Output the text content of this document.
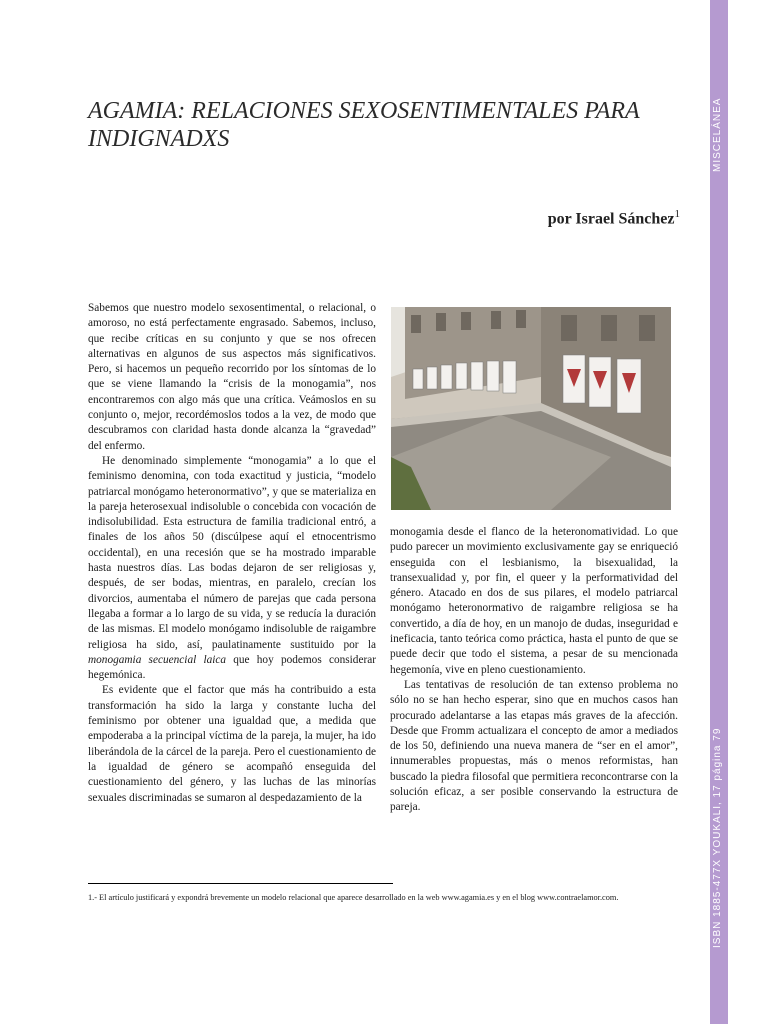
MISCELÁNEA
ISBN 1885-477X YOUKALI, 17 página 79
AGAMIA: RELACIONES SEXOSENTIMENTALES PARA INDIGNADXS
por Israel Sánchez$^1$

Sabemos que nuestro modelo sexosentimental, o relacional, o amoroso, no está perfectamente engrasado. Sabemos, incluso, que recibe críticas en su conjunto y que se nos ofrecen alternativas en algunos de sus aspectos más significativos. Pero, si hacemos un pequeño recorrido por los síntomas de lo que se viene llamando la “crisis de la monogamia”, nos encontraremos con algo más que una crítica. Veámoslos en su conjunto o, mejor, recordémoslos todos a la vez, de modo que descubramos con claridad hasta donde alcanza la “gravedad” del enfermo.

He denominado simplemente “monogamia” a lo que el feminismo denomina, con toda exactitud y justicia, “modelo patriarcal monógamo heteronormativo”, y que se materializa en la pareja heterosexual indisoluble o concebida con vocación de indisolubilidad. Esta estructura de familia tradicional entró, a finales de los años 50 (discúlpese aquí el etnocentrismo occidental), en una recesión que se ha mostrado imparable hasta nuestros días. Las bodas dejaron de ser religiosas y, después, de ser bodas, mientras, en paralelo, crecían los divorcios, aumentaba el número de parejas que cada persona llegaba a formar a lo largo de su vida, y se reducía la duración de las mismas. El modelo monógamo indisoluble de raigambre religiosa ha sido, así, paulatinamente sustituido por la monogamia secuencial laica que hoy podemos considerar hegemónica.

Es evidente que el factor que más ha contribuido a esta transformación ha sido la larga y constante lucha del feminismo por obtener una igualdad que, a medida que empoderaba a la principal víctima de la pareja, la mujer, ha ido liberándola de la cárcel de la pareja. Pero el cuestionamiento de la igualdad de género se acompañó enseguida del cuestionamiento del género, y las luchas de las minorías sexuales discriminadas se sumaron al despedazamiento de la

monogamia desde el flanco de la heteronomatividad. Lo que pudo parecer un movimiento exclusivamente gay se enriqueció enseguida con el lesbianismo, la bisexualidad, la transexualidad y, por fin, el queer y la performatividad del género. Atacado en dos de sus pilares, el modelo patriarcal monógamo heteronormativo de raigambre religiosa se ha convertido, a día de hoy, en un manojo de dudas, inseguridad e ineficacia, tanto teórica como práctica, hasta el punto de que se puede decir que todo el sistema, a pesar de su mencionada hegemonía, vive en pleno cuestionamiento.

Las tentativas de resolución de tan extenso problema no sólo no se han hecho esperar, sino que en muchos casos han procurado adelantarse a las etapas más graves de la afección. Desde que Fromm actualizara el concepto de amor a mediados de los 50, definiendo una nueva manera de “ser en el amor”, innumerables propuestas, más o menos reformistas, han buscado la piedra filosofal que permitiera reconcontrarse con la solución eficaz, a ser posible conservando la estructura de pareja.

1.- El artículo justificará y expondrá brevemente un modelo relacional que aparece desarrollado en la web www.agamia.es y en el blog www.contraelamor.com.
